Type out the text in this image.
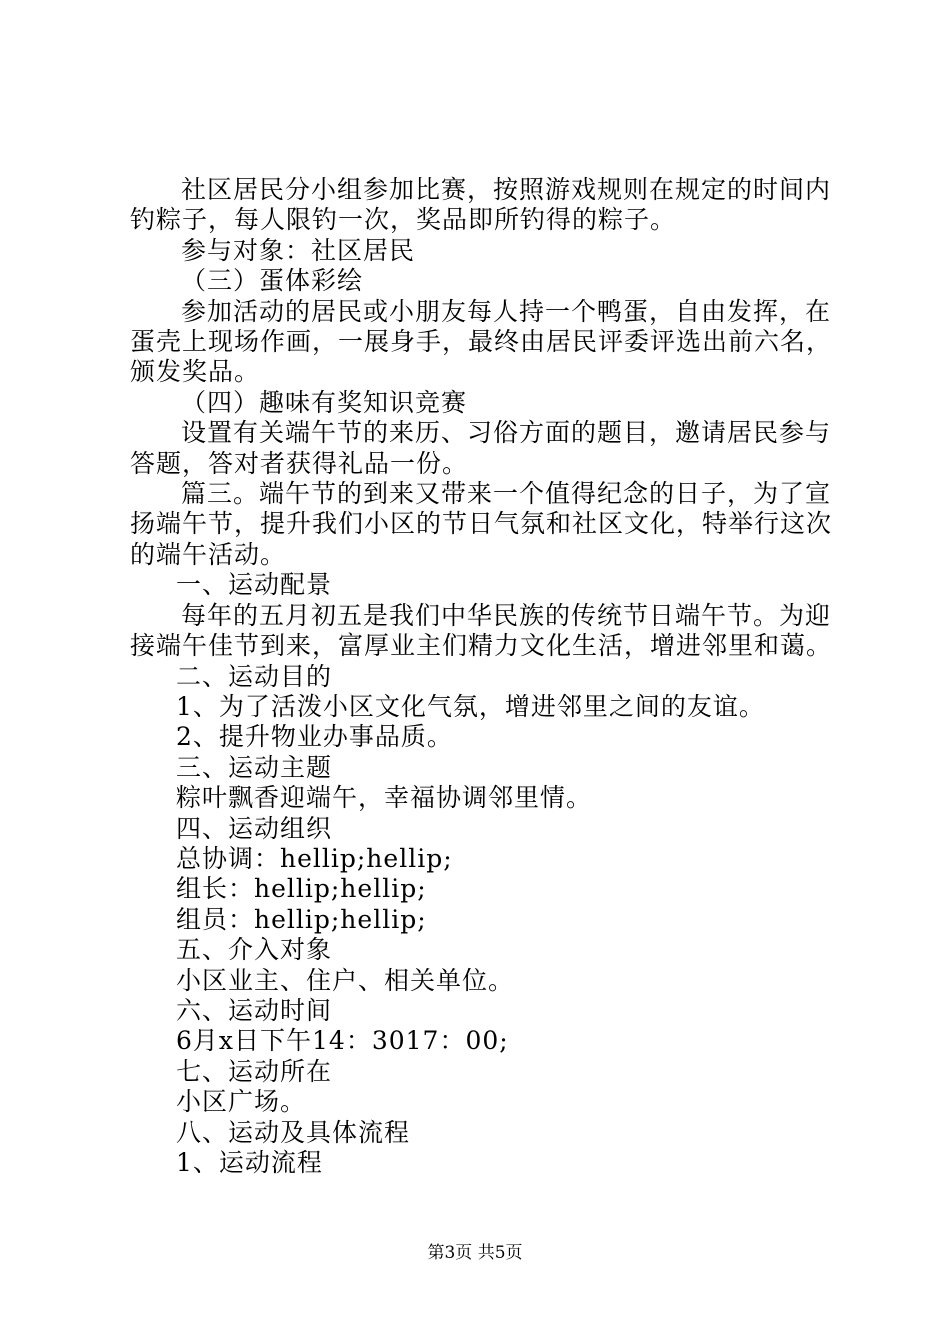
社区居民分小组参加比赛，按照游戏规则在规定的时间内钓粽子，每人限钓一次，奖品即所钓得的粽子。

参与对象：社区居民

（三）蛋体彩绘

参加活动的居民或小朋友每人持一个鸭蛋，自由发挥，在蛋壳上现场作画，一展身手，最终由居民评委评选出前六名，颁发奖品。

（四）趣味有奖知识竞赛

设置有关端午节的来历、习俗方面的题目，邀请居民参与答题，答对者获得礼品一份。

篇三。端午节的到来又带来一个值得纪念的日子，为了宣扬端午节，提升我们小区的节日气氛和社区文化，特举行这次的端午活动。

一、运动配景

每年的五月初五是我们中华民族的传统节日端午节。为迎接端午佳节到来，富厚业主们精力文化生活，增进邻里和蔼。

二、运动目的

1、为了活泼小区文化气氛，增进邻里之间的友谊。

2、提升物业办事品质。

三、运动主题

粽叶飘香迎端午，幸福协调邻里情。

四、运动组织

总协调：hellip;hellip;

组长：hellip;hellip;

组员：hellip;hellip;

五、介入对象

小区业主、住户、相关单位。

六、运动时间

6月x日下午14：3017：00;

七、运动所在

小区广场。

八、运动及具体流程

1、运动流程

第3页 共5页
